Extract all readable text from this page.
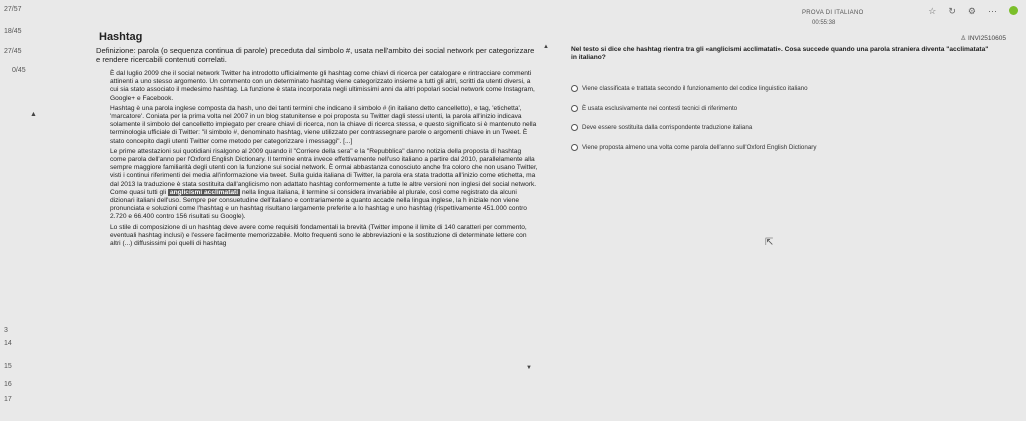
27/57
18/45
27/45
0/45
3
14
15
16
17
▲
PROVA DI ITALIANO
00:55:38
☆ ↻ ⚙ ⋯
♙ INVI2510605
Hashtag
▲

Definizione: parola (o sequenza continua di parole) preceduta dal simbolo #, usata nell'ambito dei social network per categorizzare e rendere ricercabili contenuti correlati.

È dal luglio 2009 che il social network Twitter ha introdotto ufficialmente gli hashtag come chiavi di ricerca per catalogare e rintracciare commenti attinenti a uno stesso argomento. Un commento con un determinato hashtag viene categorizzato insieme a tutti gli altri, scritti da utenti diversi, a cui sia stato associato il medesimo hashtag. La funzione è stata incorporata negli ultimissimi anni da altri popolari social network come Instagram, Google+ e Facebook.

Hashtag è una parola inglese composta da hash, uno dei tanti termini che indicano il simbolo # (in italiano detto cancelletto), e tag, 'etichetta', 'marcatore'. Coniata per la prima volta nel 2007 in un blog statunitense e poi proposta su Twitter dagli stessi utenti, la parola all'inizio indicava solamente il simbolo del cancelletto impiegato per creare chiavi di ricerca, non la chiave di ricerca stessa, e questo significato si è mantenuto nella terminologia ufficiale di Twitter: "il simbolo #, denominato hashtag, viene utilizzato per contrassegnare parole o argomenti chiave in un Tweet. È stato concepito dagli utenti Twitter come metodo per categorizzare i messaggi". [...]

Le prime attestazioni sui quotidiani risalgono al 2009 quando il "Corriere della sera" e la "Repubblica" danno notizia della proposta di hashtag come parola dell'anno per l'Oxford English Dictionary. Il termine entra invece effettivamente nell'uso italiano a partire dal 2010, parallelamente alla sempre maggiore familiarità degli utenti con la funzione sui social network. È ormai abbastanza conosciuto anche fra coloro che non usano Twitter, visti i continui riferimenti dei media all'informazione via tweet. Sulla guida italiana di Twitter, la parola era stata tradotta all'inizio come etichetta, ma dal 2013 la traduzione è stata sostituita dall'anglicismo non adattato hashtag conformemente a tutte le altre versioni non inglesi del social network. Come quasi tutti gli anglicismi acclimatati nella lingua italiana, il termine si considera invariabile al plurale, così come registrato da alcuni dizionari italiani dell'uso. Sempre per consuetudine dell'italiano e contrariamente a quanto accade nella lingua inglese, la h iniziale non viene pronunciata e soluzioni come l'hashtag e un hashtag risultano largamente preferite a lo hashtag e uno hashtag (rispettivamente 451.000 contro 2.720 e 66.400 contro 156 risultati su Google).

Lo stile di composizione di un hashtag deve avere come requisiti fondamentali la brevità (Twitter impone il limite di 140 caratteri per commento, eventuali hashtag inclusi) e l'essere facilmente memorizzabile. Molto frequenti sono le abbreviazioni e la sostituzione di determinate lettere con altri (...) diffusissimi poi quelli di hashtag

▼
⇱
Nel testo si dice che hashtag rientra tra gli «anglicismi acclimatati». Cosa succede quando una parola straniera diventa "acclimatata" in italiano?
Viene classificata e trattata secondo il funzionamento del codice linguistico italiano
È usata esclusivamente nei contesti tecnici di riferimento
Deve essere sostituita dalla corrispondente traduzione italiana
Viene proposta almeno una volta come parola dell'anno sull'Oxford English Dictionary
